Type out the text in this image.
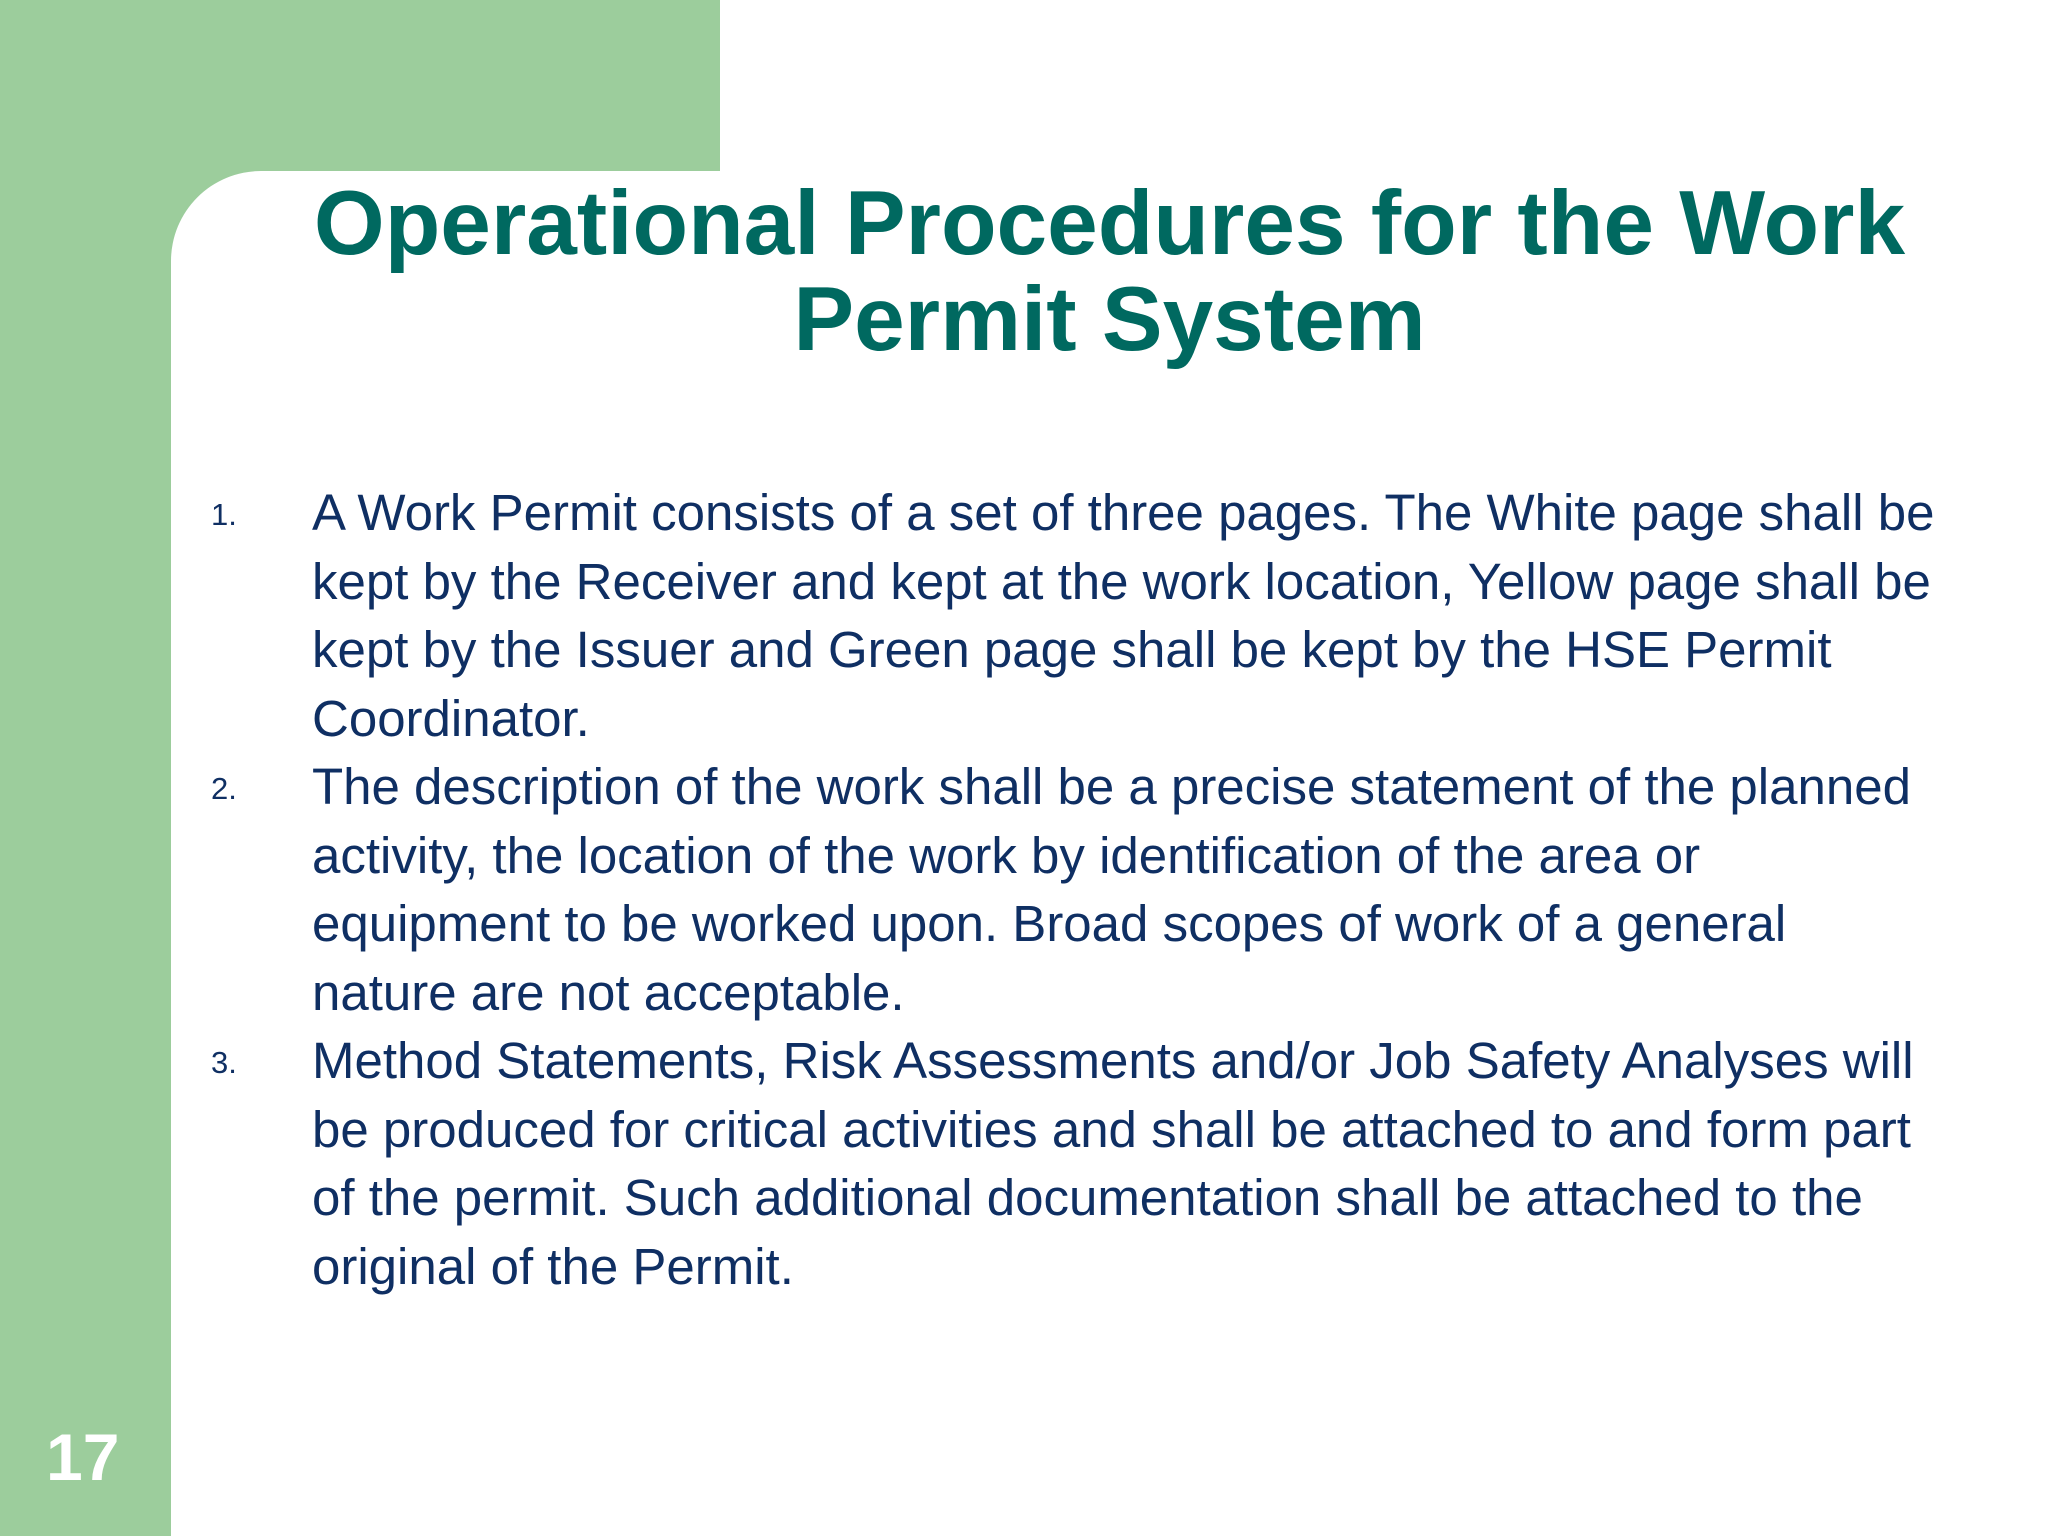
Operational Procedures for the Work
Permit System
1. A Work Permit consists of a set of three pages. The White page shall be kept by the Receiver and kept at the work location, Yellow page shall be kept by the Issuer and Green page shall be kept by the HSE Permit Coordinator.
2. The description of the work shall be a precise statement of the planned activity, the location of the work by identification of the area or equipment to be worked upon. Broad scopes of work of a general nature are not acceptable.
3. Method Statements, Risk Assessments and/or Job Safety Analyses will be produced for critical activities and shall be attached to and form part of the permit. Such additional documentation shall be attached to the original of the Permit.
17
